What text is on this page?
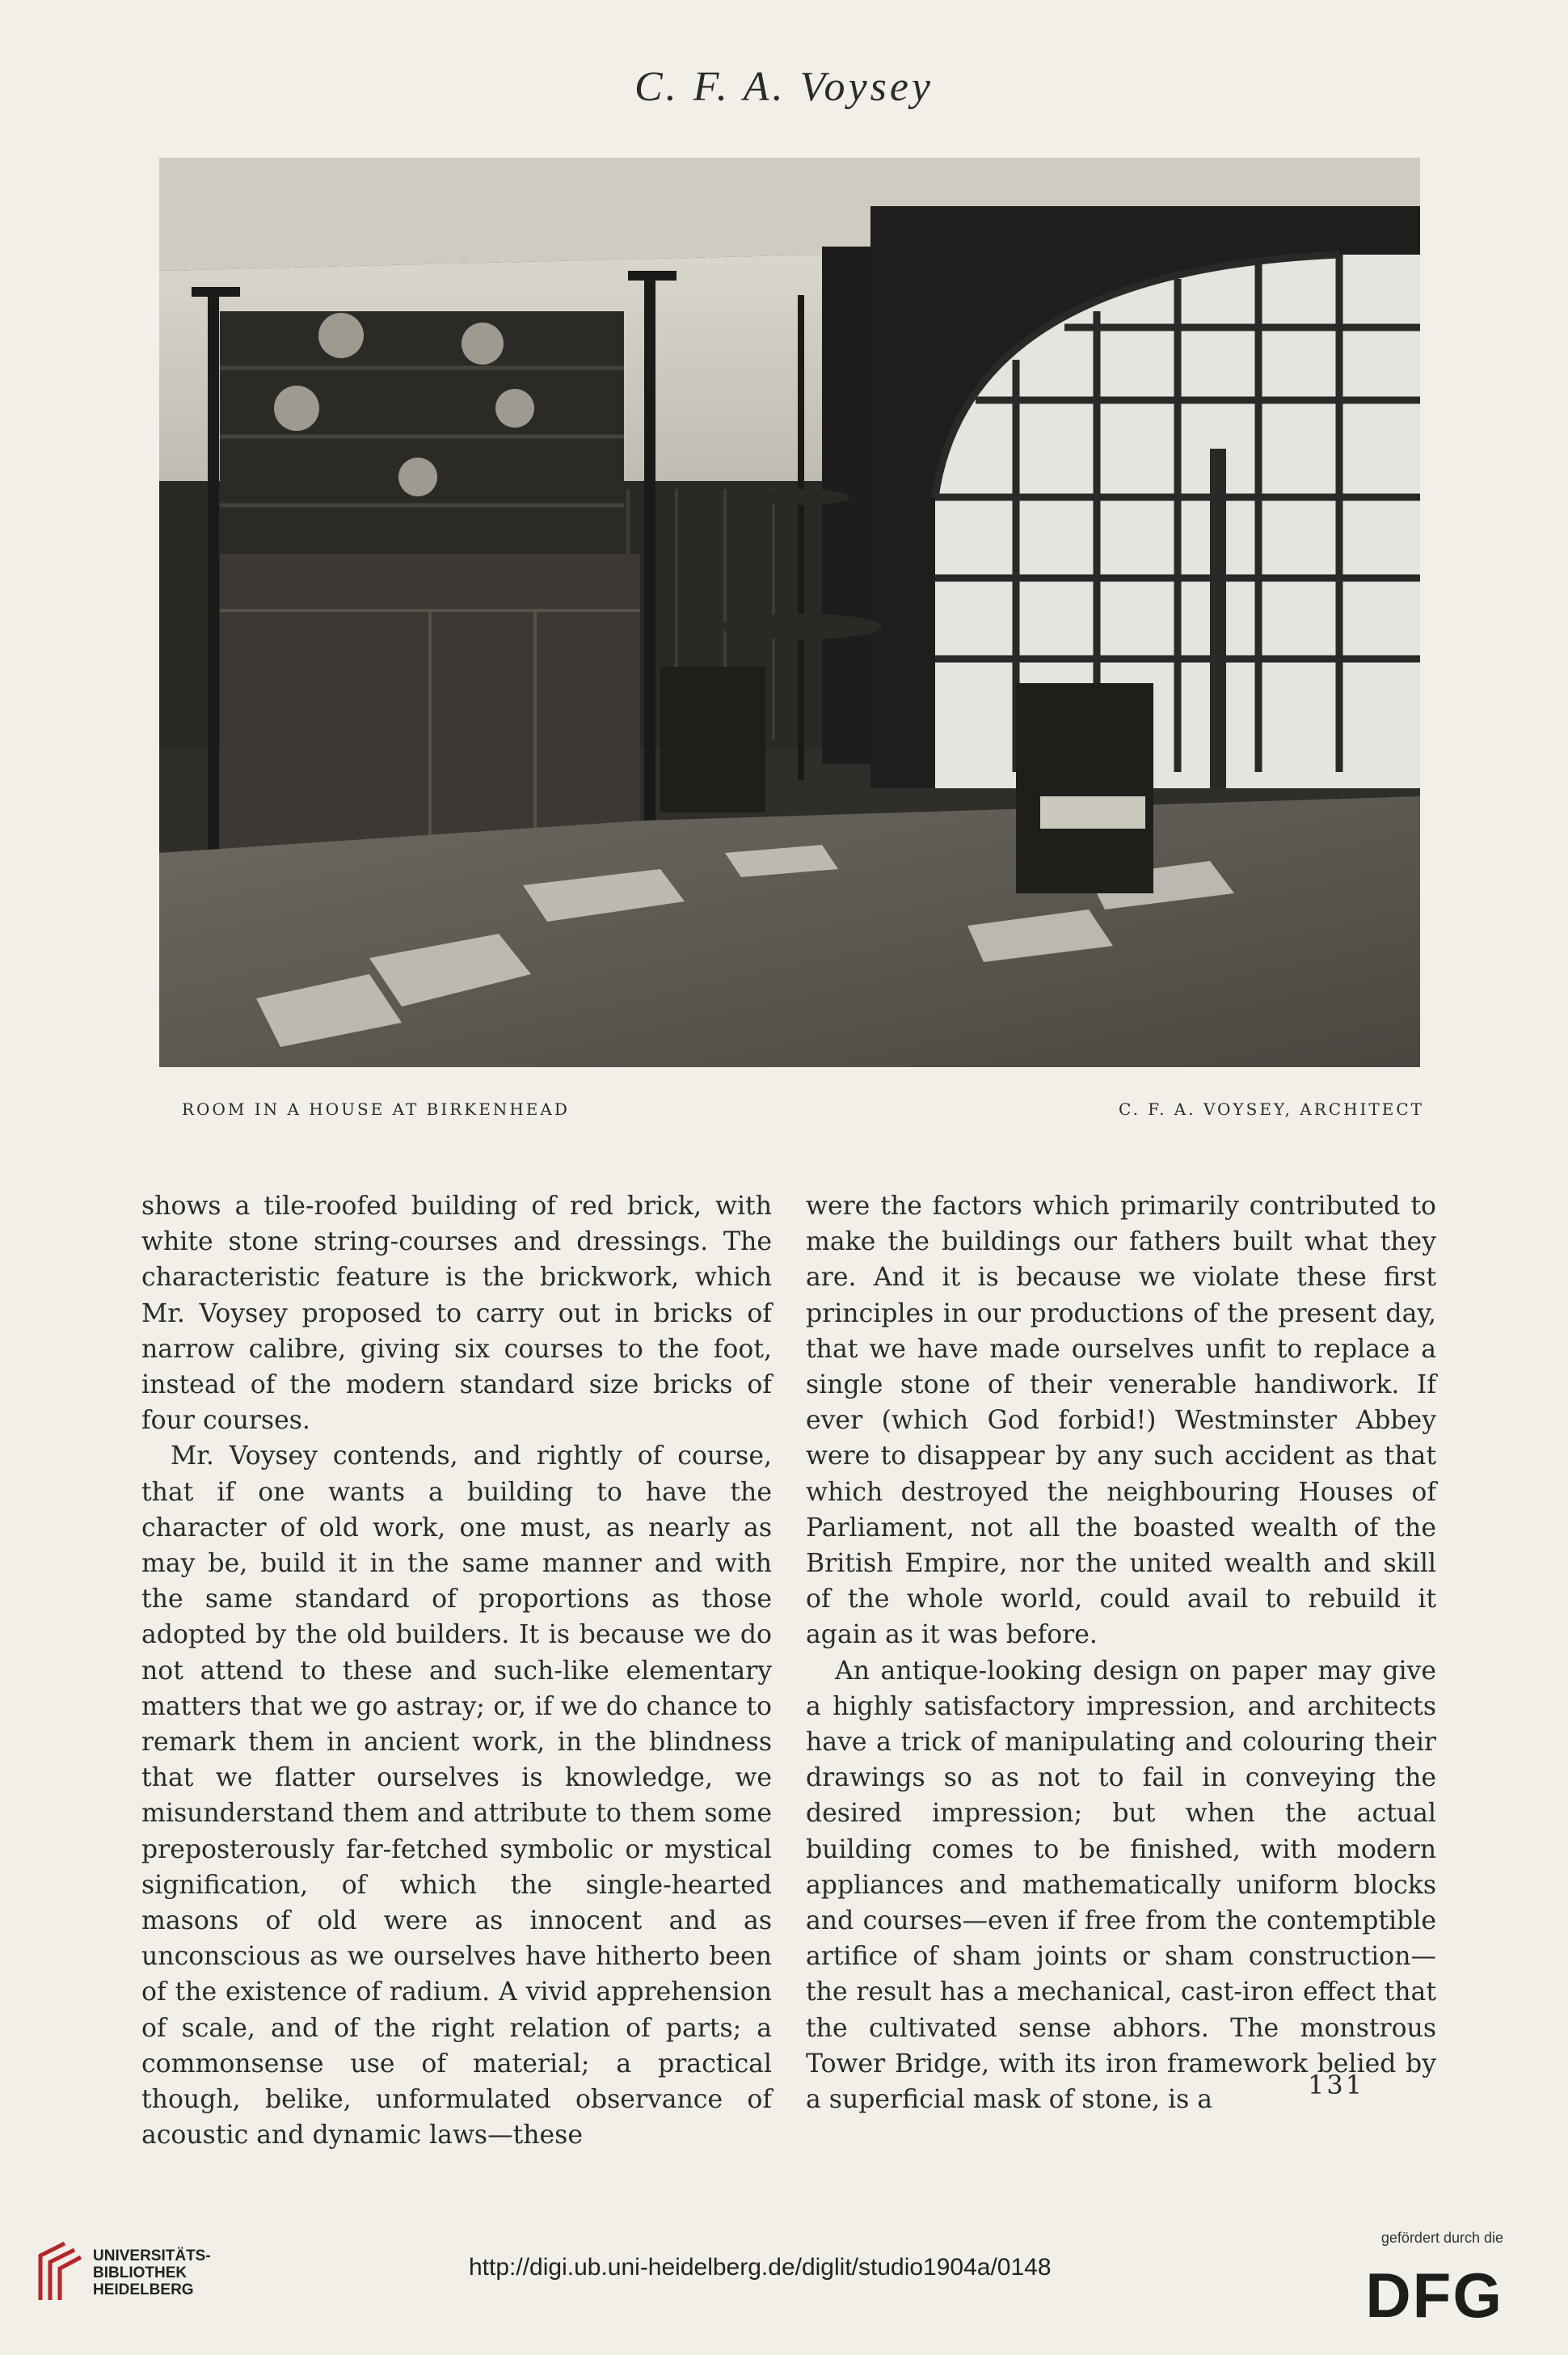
C. F. A. Voysey
ROOM IN A HOUSE AT BIRKENHEAD	C. F. A. VOYSEY, ARCHITECT

shows a tile-roofed building of red brick, with white stone string-courses and dressings. The characteristic feature is the brickwork, which Mr. Voysey proposed to carry out in bricks of narrow calibre, giving six courses to the foot, instead of the modern standard size bricks of four courses.

Mr. Voysey contends, and rightly of course, that if one wants a building to have the character of old work, one must, as nearly as may be, build it in the same manner and with the same standard of proportions as those adopted by the old builders. It is because we do not attend to these and such-like elementary matters that we go astray; or, if we do chance to remark them in ancient work, in the blindness that we flatter ourselves is knowledge, we misunderstand them and attribute to them some preposterously far-fetched symbolic or mystical signification, of which the single-hearted masons of old were as innocent and as unconscious as we ourselves have hitherto been of the existence of radium. A vivid apprehension of scale, and of the right relation of parts; a commonsense use of material; a practical though, belike, unformulated observance of acoustic and dynamic laws—these

were the factors which primarily contributed to make the buildings our fathers built what they are. And it is because we violate these first principles in our productions of the present day, that we have made ourselves unfit to replace a single stone of their venerable handiwork. If ever (which God forbid!) Westminster Abbey were to disappear by any such accident as that which destroyed the neighbouring Houses of Parliament, not all the boasted wealth of the British Empire, nor the united wealth and skill of the whole world, could avail to rebuild it again as it was before.

An antique-looking design on paper may give a highly satisfactory impression, and architects have a trick of manipulating and colouring their drawings so as not to fail in conveying the desired impression; but when the actual building comes to be finished, with modern appliances and mathematically uniform blocks and courses—even if free from the contemptible artifice of sham joints or sham construction—the result has a mechanical, cast-iron effect that the cultivated sense abhors. The monstrous Tower Bridge, with its iron framework belied by a superficial mask of stone, is a	131
UNIVERSITÄTS-
BIBLIOTHEK
HEIDELBERG
http://digi.ub.uni-heidelberg.de/diglit/studio1904a/0148
gefördert durch die
DFG
